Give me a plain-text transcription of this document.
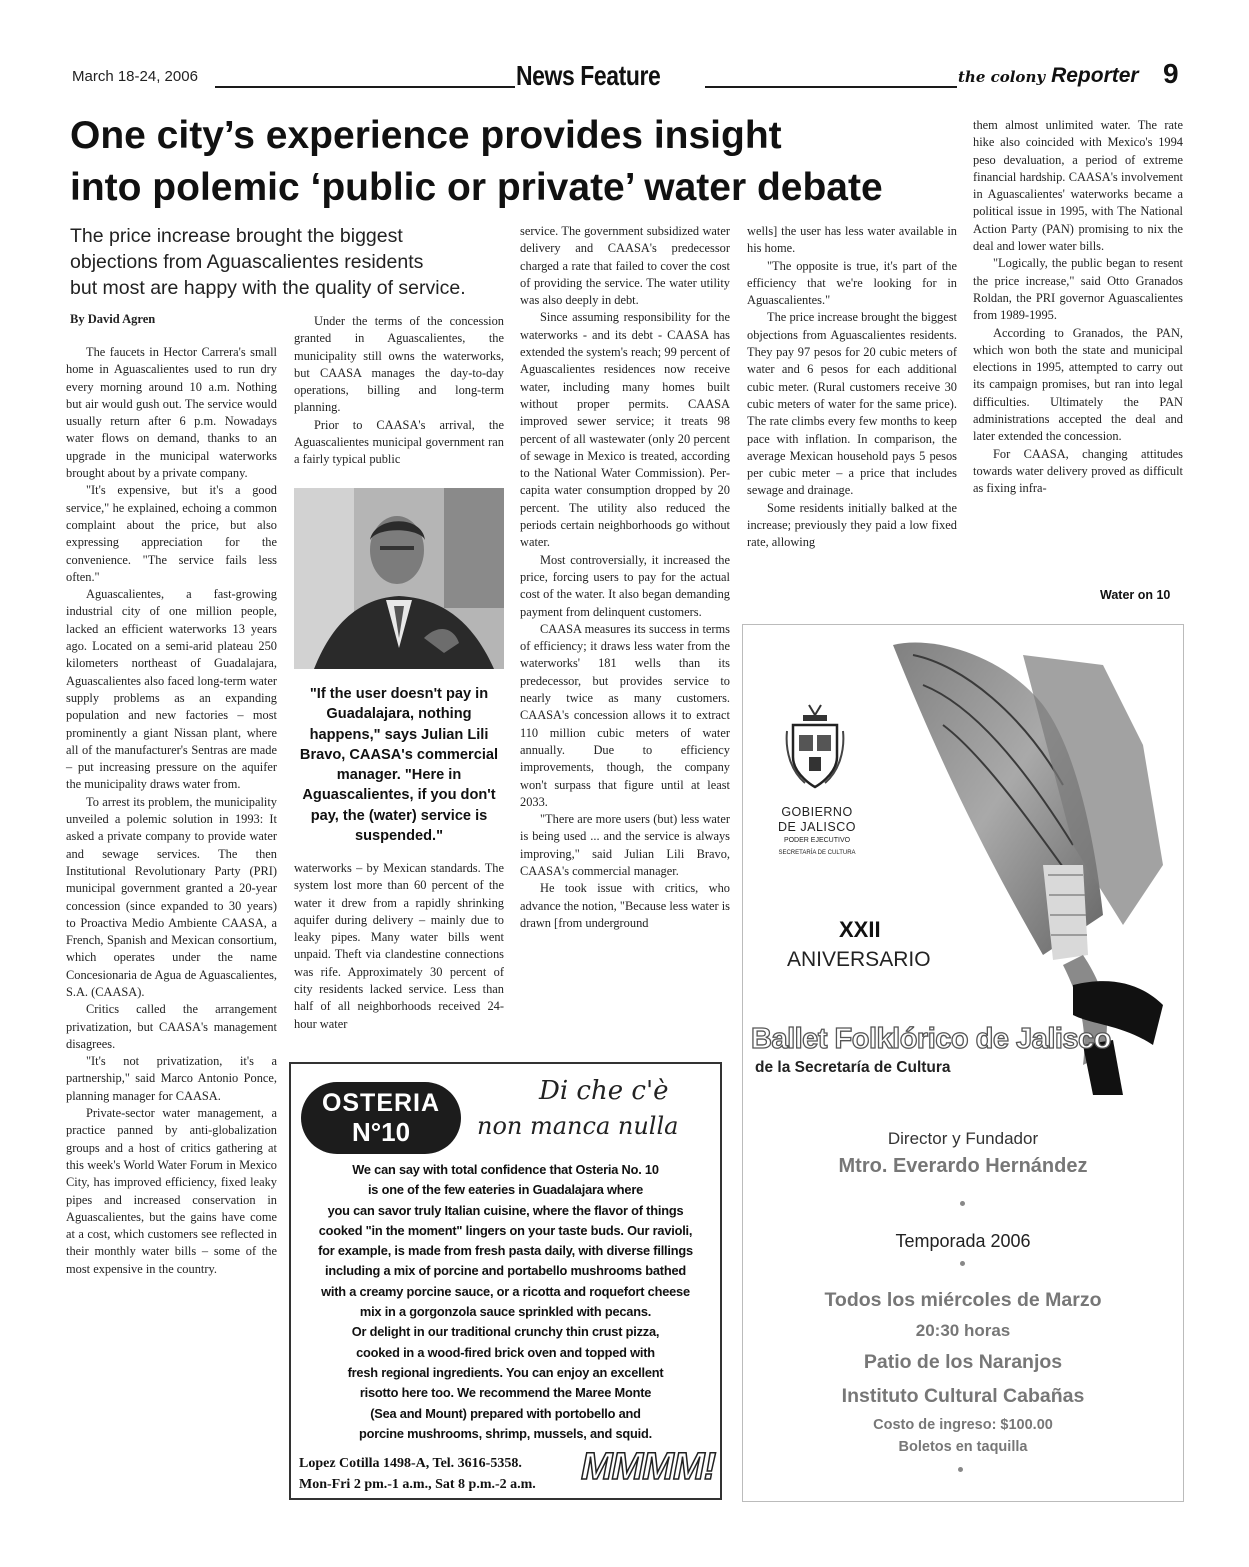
March 18-24, 2006	News Feature	the colony Reporter 9
One city’s experience provides insight
into polemic ‘public or private’ water debate
The price increase brought the biggest
objections from Aguascalientes residents
but most are happy with the quality of service.
By David Agren

The faucets in Hector Carrera's small home in Aguascalientes used to run dry every morning around 10 a.m. Nothing but air would gush out. The service would usually return after 6 p.m. Nowadays water flows on demand, thanks to an upgrade in the municipal waterworks brought about by a private company.

"It's expensive, but it's a good service," he explained, echoing a common complaint about the price, but also expressing appreciation for the convenience. "The service fails less often."

Aguascalientes, a fast-growing industrial city of one million people, lacked an efficient waterworks 13 years ago. Located on a semi-arid plateau 250 kilometers northeast of Guadalajara, Aguascalientes also faced long-term water supply problems as an expanding population and new factories – most prominently a giant Nissan plant, where all of the manufacturer's Sentras are made – put increasing pressure on the aquifer the municipality draws water from.

To arrest its problem, the municipality unveiled a polemic solution in 1993: It asked a private company to provide water and sewage services. The then Institutional Revolutionary Party (PRI) municipal government granted a 20-year concession (since expanded to 30 years) to Proactiva Medio Ambiente CAASA, a French, Spanish and Mexican consortium, which operates under the name Concesionaria de Agua de Aguascalientes, S.A. (CAASA).

Critics called the arrangement privatization, but CAASA's management disagrees.

"It's not privatization, it's a partnership," said Marco Antonio Ponce, planning manager for CAASA.

Private-sector water management, a practice panned by anti-globalization groups and a host of critics gathering at this week's World Water Forum in Mexico City, has improved efficiency, fixed leaky pipes and increased conservation in Aguascalientes, but the gains have come at a cost, which customers see reflected in their monthly water bills – some of the most expensive in the country.

Under the terms of the concession granted in Aguascalientes, the municipality still owns the waterworks, but CAASA manages the day-to-day operations, billing and long-term planning.

Prior to CAASA's arrival, the Aguascalientes municipal government ran a fairly typical public

"If the user doesn't pay in Guadalajara, nothing happens," says Julian Lili Bravo, CAASA's commercial manager. "Here in Aguascalientes, if you don't pay, the (water) service is suspended."

waterworks – by Mexican standards. The system lost more than 60 percent of the water it drew from a rapidly shrinking aquifer during delivery – mainly due to leaky pipes. Many water bills went unpaid. Theft via clandestine connections was rife. Approximately 30 percent of city residents lacked service. Less than half of all neighborhoods received 24-hour water

service. The government subsidized water delivery and CAASA's predecessor charged a rate that failed to cover the cost of providing the service. The water utility was also deeply in debt.

Since assuming responsibility for the waterworks - and its debt - CAASA has extended the system's reach; 99 percent of Aguascalientes residences now receive water, including many homes built without proper permits. CAASA improved sewer service; it treats 98 percent of all wastewater (only 20 percent of sewage in Mexico is treated, according to the National Water Commission). Per-capita water consumption dropped by 20 percent. The utility also reduced the periods certain neighborhoods go without water.

Most controversially, it increased the price, forcing users to pay for the actual cost of the water. It also began demanding payment from delinquent customers.

CAASA measures its success in terms of efficiency; it draws less water from the waterworks' 181 wells than its predecessor, but provides service to nearly twice as many customers. CAASA's concession allows it to extract 110 million cubic meters of water annually. Due to efficiency improvements, though, the company won't surpass that figure until at least 2033.

"There are more users (but) less water is being used ... and the service is always improving," said Julian Lili Bravo, CAASA's commercial manager.

He took issue with critics, who advance the notion, "Because less water is drawn [from underground

wells] the user has less water available in his home.

"The opposite is true, it's part of the efficiency that we're looking for in Aguascalientes."

The price increase brought the biggest objections from Aguascalientes residents. They pay 97 pesos for 20 cubic meters of water and 6 pesos for each additional cubic meter. (Rural customers receive 30 cubic meters of water for the same price). The rate climbs every few months to keep pace with inflation. In comparison, the average Mexican household pays 5 pesos per cubic meter – a price that includes sewage and drainage.

Some residents initially balked at the increase; previously they paid a low fixed rate, allowing

them almost unlimited water. The rate hike also coincided with Mexico's 1994 peso devaluation, a period of extreme financial hardship. CAASA's involvement in Aguascalientes' waterworks became a political issue in 1995, with The National Action Party (PAN) promising to nix the deal and lower water bills.

"Logically, the public began to resent the price increase," said Otto Granados Roldan, the PRI governor Aguascalientes from 1989-1995.

According to Granados, the PAN, which won both the state and municipal elections in 1995, attempted to carry out its campaign promises, but ran into legal difficulties. Ultimately the PAN administrations accepted the deal and later extended the concession.

For CAASA, changing attitudes towards water delivery proved as difficult as fixing infra-

Water on 10
OSTERIA
N°10
Di che c'è
non manca nulla
We can say with total confidence that Osteria No. 10
is one of the few eateries in Guadalajara where
you can savor truly Italian cuisine, where the flavor of things
cooked "in the moment" lingers on your taste buds. Our ravioli,
for example, is made from fresh pasta daily, with diverse fillings
including a mix of porcine and portabello mushrooms bathed
with a creamy porcine sauce, or a ricotta and roquefort cheese
mix in a gorgonzola sauce sprinkled with pecans.
Or delight in our traditional crunchy thin crust pizza,
cooked in a wood-fired brick oven and topped with
fresh regional ingredients. You can enjoy an excellent
risotto here too. We recommend the Maree Monte
(Sea and Mount) prepared with portobello and
porcine mushrooms, shrimp, mussels, and squid.
Lopez Cotilla 1498-A, Tel. 3616-5358.
Mon-Fri 2 pm.-1 a.m., Sat 8 p.m.-2 a.m. MMMM!
GOBIERNO
DE JALISCO
PODER EJECUTIVO
SECRETARÍA DE CULTURA
XXII
ANIVERSARIO
Ballet Folklórico de Jalisco
de la Secretaría de Cultura
Director y Fundador
Mtro. Everardo Hernández
Temporada 2006
Todos los miércoles de Marzo
20:30 horas
Patio de los Naranjos
Instituto Cultural Cabañas
Costo de ingreso: $100.00
Boletos en taquilla
